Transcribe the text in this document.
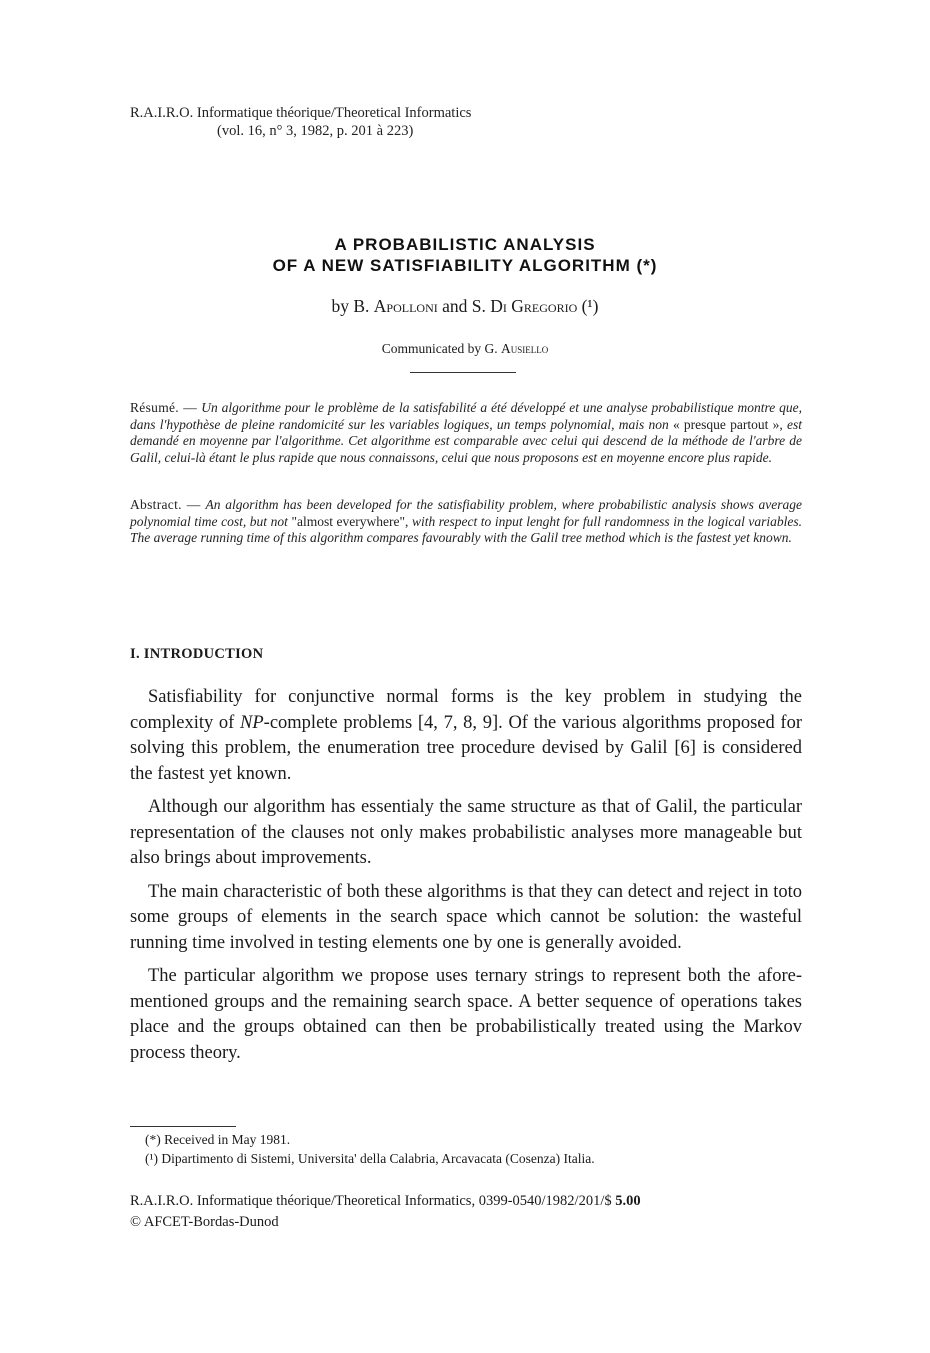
R.A.I.R.O. Informatique théorique/Theoretical Informatics
(vol. 16, n° 3, 1982, p. 201 à 223)
A PROBABILISTIC ANALYSIS
OF A NEW SATISFIABILITY ALGORITHM (*)
by B. Apolloni and S. Di Gregorio (¹)
Communicated by G. Ausiello
Résumé. — Un algorithme pour le problème de la satisfabilité a été développé et une analyse probabilistique montre que, dans l'hypothèse de pleine randomicité sur les variables logiques, un temps polynomial, mais non « presque partout », est demandé en moyenne par l'algorithme. Cet algorithme est comparable avec celui qui descend de la méthode de l'arbre de Galil, celui-là étant le plus rapide que nous connaissons, celui que nous proposons est en moyenne encore plus rapide.
Abstract. — An algorithm has been developed for the satisfiability problem, where probabilistic analysis shows average polynomial time cost, but not "almost everywhere", with respect to input lenght for full randomness in the logical variables. The average running time of this algorithm compares favourably with the Galil tree method which is the fastest yet known.
I. INTRODUCTION

Satisfiability for conjunctive normal forms is the key problem in studying the complexity of NP-complete problems [4, 7, 8, 9]. Of the various algorithms proposed for solving this problem, the enumeration tree procedure devised by Galil [6] is considered the fastest yet known.

Although our algorithm has essentialy the same structure as that of Galil, the particular representation of the clauses not only makes probabilistic analyses more manageable but also brings about improvements.

The main characteristic of both these algorithms is that they can detect and reject in toto some groups of elements in the search space which cannot be solution: the wasteful running time involved in testing elements one by one is generally avoided.

The particular algorithm we propose uses ternary strings to represent both the afore-mentioned groups and the remaining search space. A better sequence of operations takes place and the groups obtained can then be probabilistically treated using the Markov process theory.

(*) Received in May 1981.
(¹) Dipartimento di Sistemi, Universita' della Calabria, Arcavacata (Cosenza) Italia.
R.A.I.R.O. Informatique théorique/Theoretical Informatics, 0399-0540/1982/201/$ 5.00
© AFCET-Bordas-Dunod
